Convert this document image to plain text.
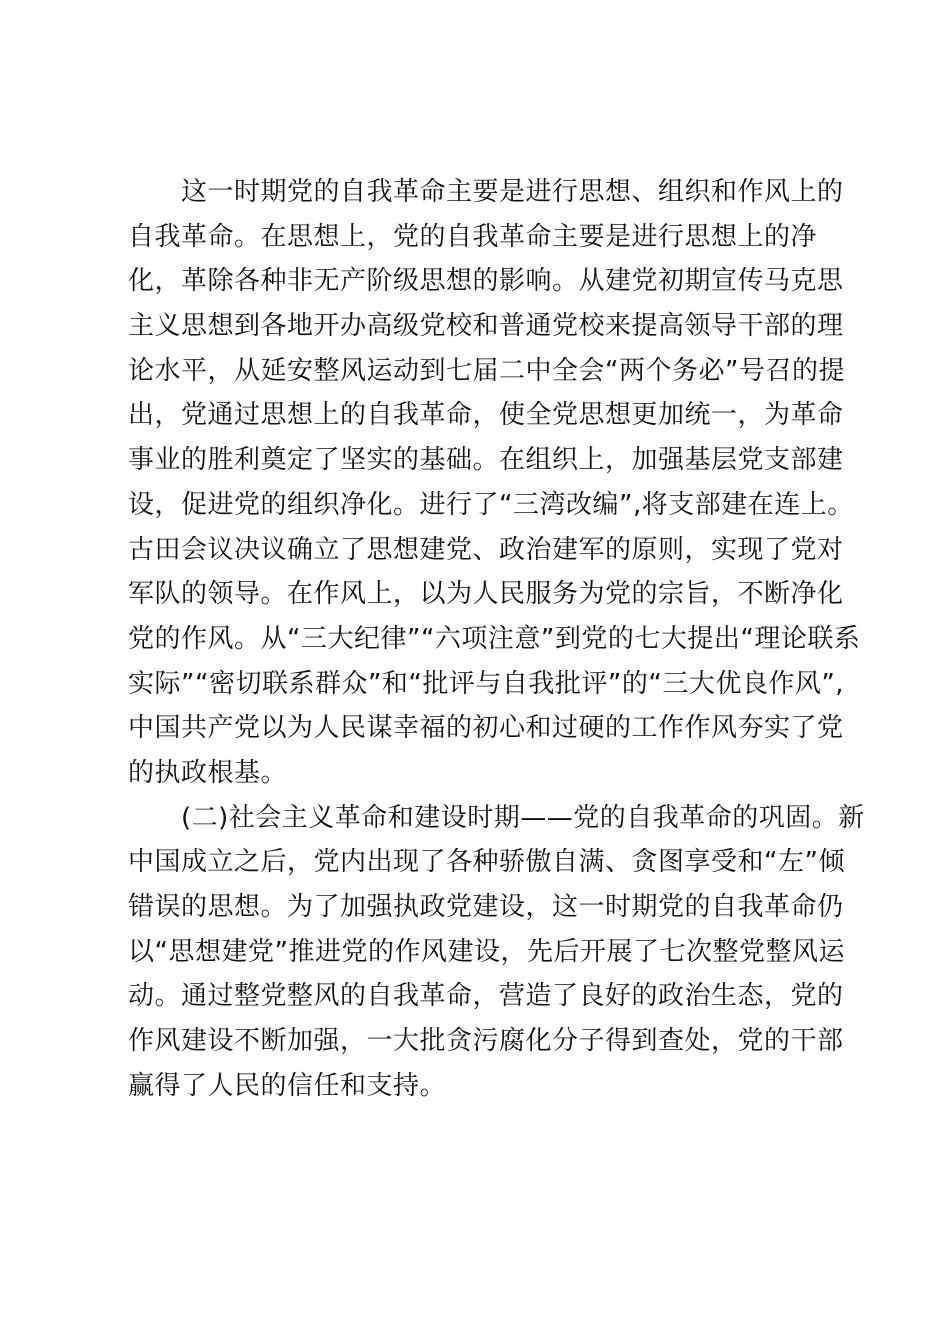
　　这一时期党的自我革命主要是进行思想、组织和作风上的
自我革命。在思想上，党的自我革命主要是进行思想上的净
化，革除各种非无产阶级思想的影响。从建党初期宣传马克思
主义思想到各地开办高级党校和普通党校来提高领导干部的理
论水平，从延安整风运动到七届二中全会“两个务必”号召的提
出，党通过思想上的自我革命，使全党思想更加统一，为革命
事业的胜利奠定了坚实的基础。在组织上，加强基层党支部建
设，促进党的组织净化。进行了“三湾改编”,将支部建在连上。
古田会议决议确立了思想建党、政治建军的原则，实现了党对
军队的领导。在作风上，以为人民服务为党的宗旨，不断净化
党的作风。从“三大纪律”“六项注意”到党的七大提出“理论联系
实际”“密切联系群众”和“批评与自我批评”的“三大优良作风”,
中国共产党以为人民谋幸福的初心和过硬的工作作风夯实了党
的执政根基。
　　(二)社会主义革命和建设时期——党的自我革命的巩固。新
中国成立之后，党内出现了各种骄傲自满、贪图享受和“左”倾
错误的思想。为了加强执政党建设，这一时期党的自我革命仍
以“思想建党”推进党的作风建设，先后开展了七次整党整风运
动。通过整党整风的自我革命，营造了良好的政治生态，党的
作风建设不断加强，一大批贪污腐化分子得到查处，党的干部
赢得了人民的信任和支持。
